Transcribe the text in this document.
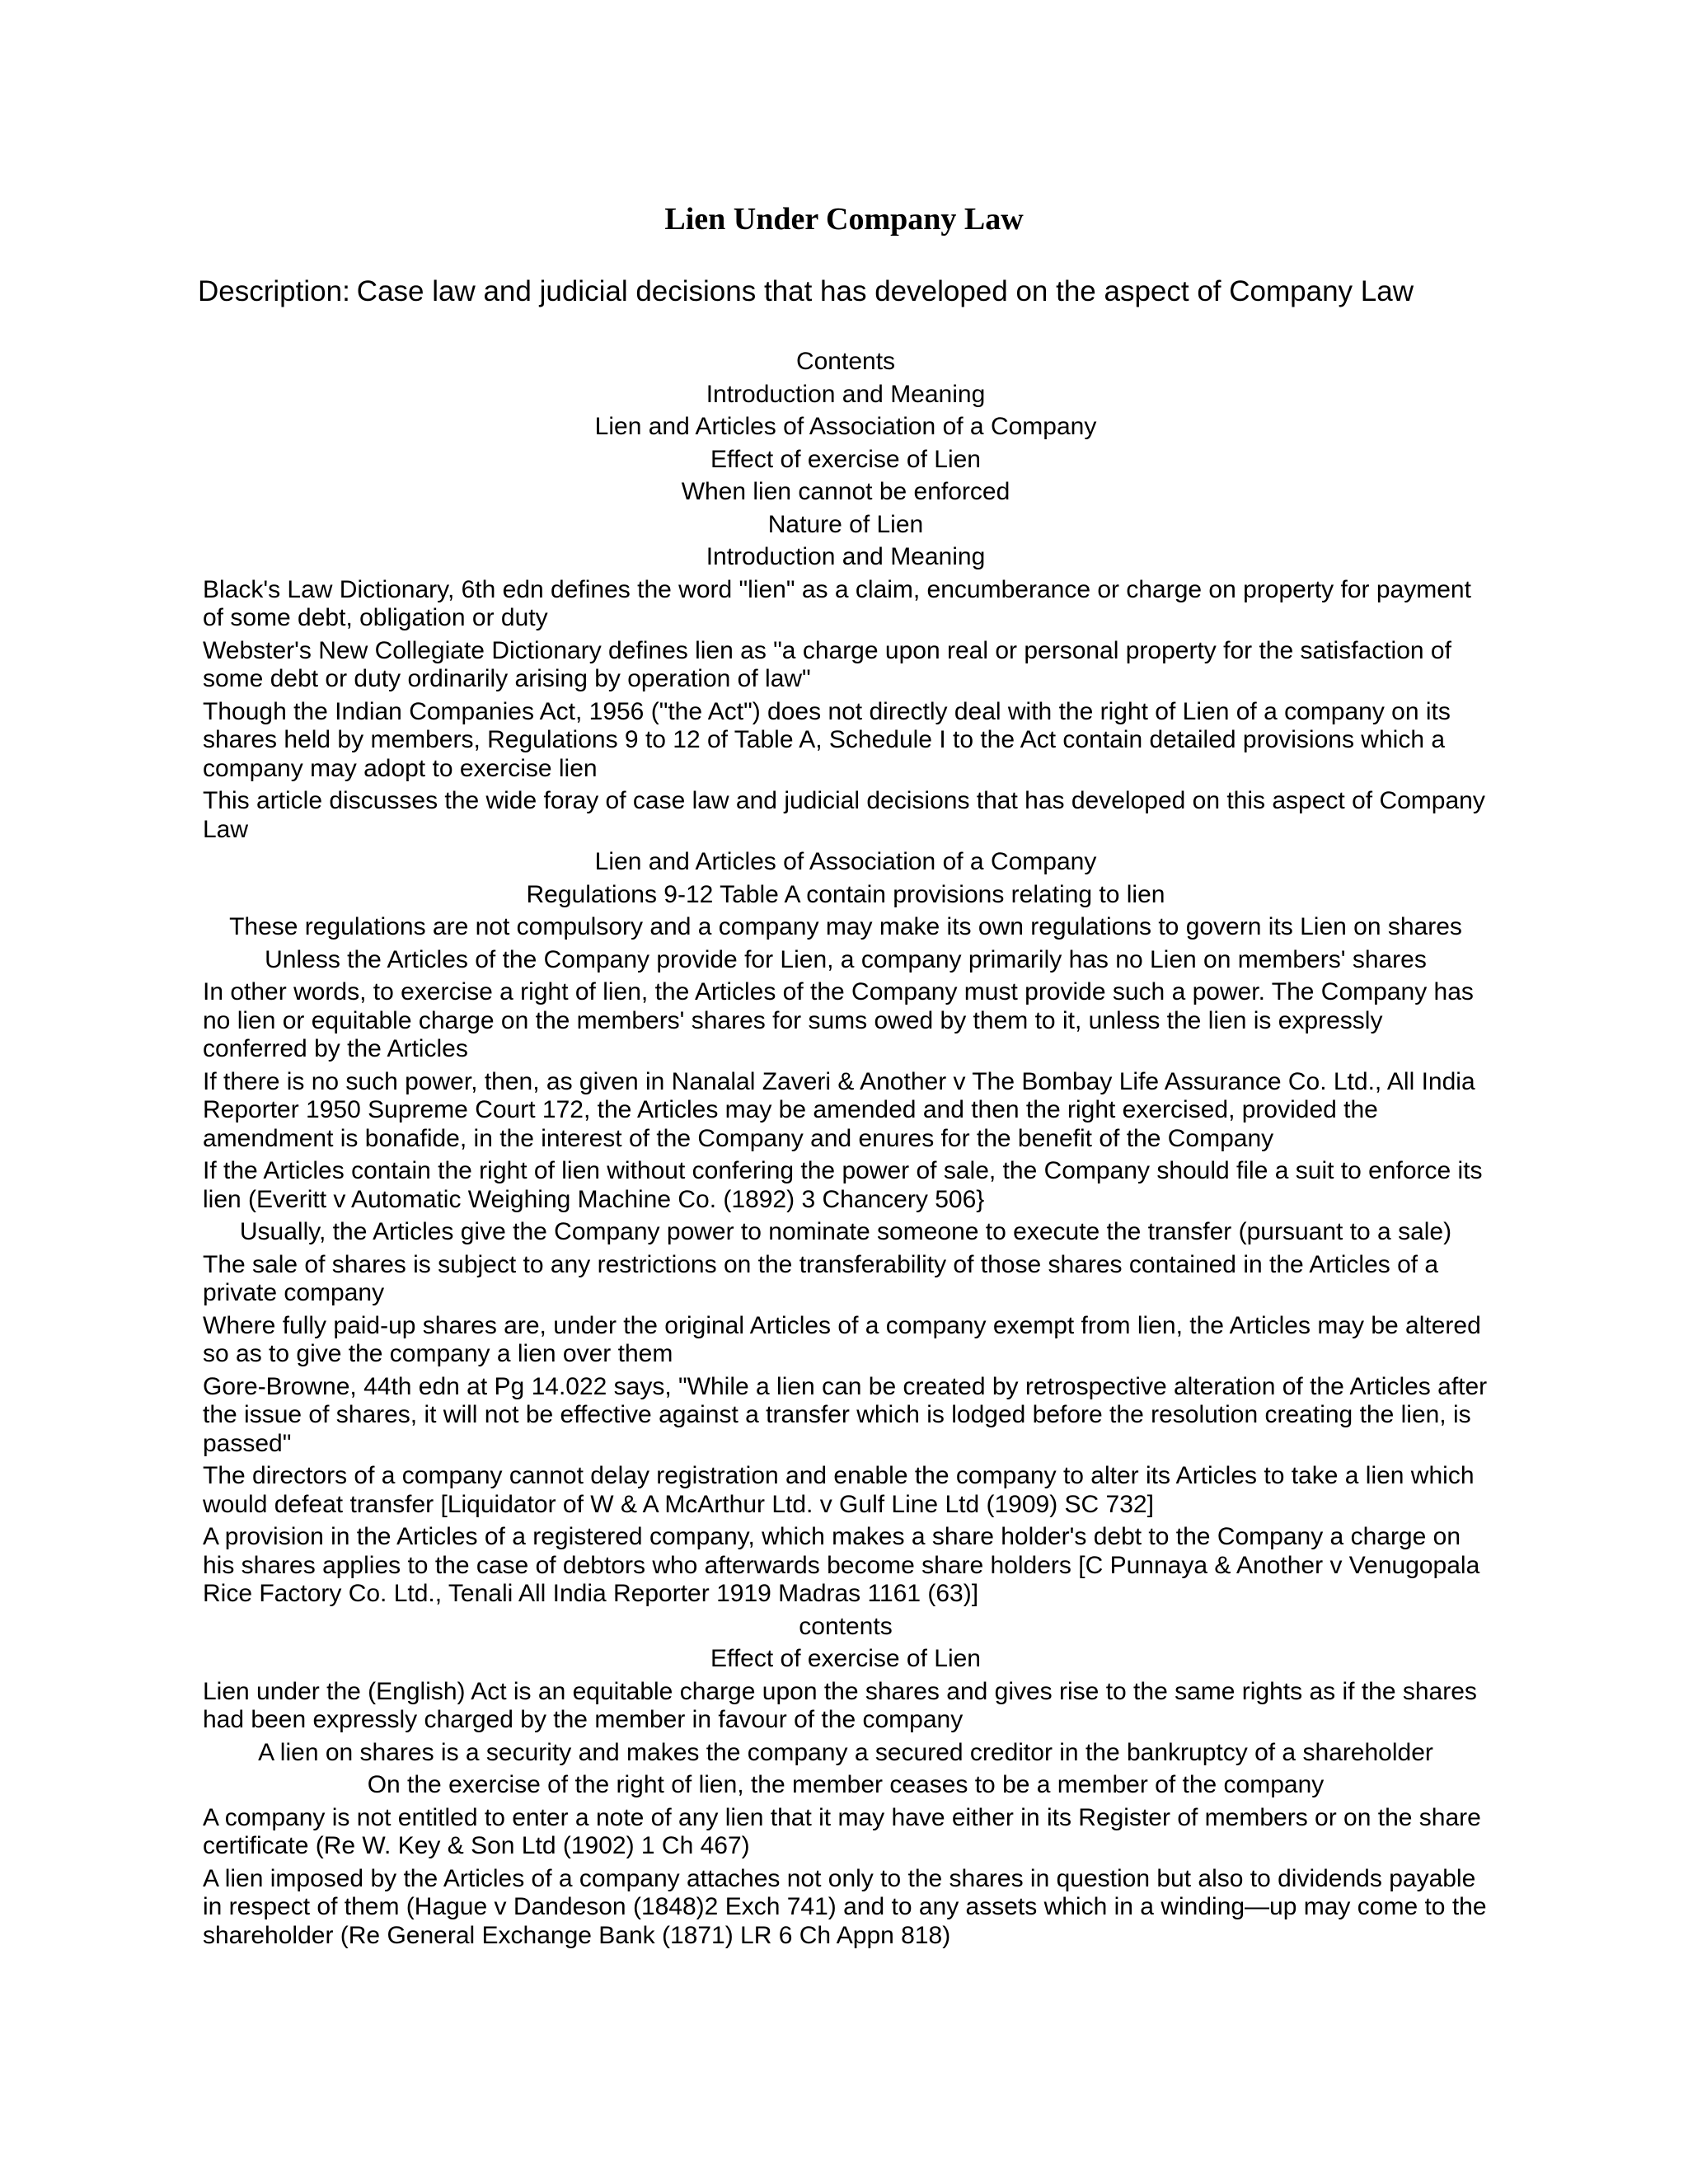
Lien Under Company Law
Description: Case law and judicial decisions that has developed on the aspect of Company Law
Contents
Introduction and Meaning
Lien and Articles of Association of a Company
Effect of exercise of Lien
When lien cannot be enforced
Nature of Lien
Introduction and Meaning
Black's Law Dictionary, 6th edn defines the word "lien" as a claim, encumberance or charge on property for payment of some debt, obligation or duty
Webster's New Collegiate Dictionary defines lien as "a charge upon real or personal property for the satisfaction of some debt or duty ordinarily arising by operation of law"
Though the Indian Companies Act, 1956 ("the Act") does not directly deal with the right of Lien of a company on its shares held by members, Regulations 9 to 12 of Table A, Schedule I to the Act contain detailed provisions which a company may adopt to exercise lien
This article discusses the wide foray of case law and judicial decisions that has developed on this aspect of Company Law
Lien and Articles of Association of a Company
Regulations 9-12 Table A contain provisions relating to lien
These regulations are not compulsory and a company may make its own regulations to govern its Lien on shares
Unless the Articles of the Company provide for Lien, a company primarily has no Lien on members' shares
In other words, to exercise a right of lien, the Articles of the Company must provide such a power. The Company has no lien or equitable charge on the members' shares for sums owed by them to it, unless the lien is expressly conferred by the Articles
If there is no such power, then, as given in Nanalal Zaveri & Another v The Bombay Life Assurance Co. Ltd., All India Reporter 1950 Supreme Court 172, the Articles may be amended and then the right exercised, provided the amendment is bonafide, in the interest of the Company and enures for the benefit of the Company
If the Articles contain the right of lien without confering the power of sale, the Company should file a suit to enforce its lien (Everitt v Automatic Weighing Machine Co. (1892) 3 Chancery 506}
Usually, the Articles give the Company power to nominate someone to execute the transfer (pursuant to a sale)
The sale of shares is subject to any restrictions on the transferability of those shares contained in the Articles of a private company
Where fully paid-up shares are, under the original Articles of a company exempt from lien, the Articles may be altered so as to give the company a lien over them
Gore-Browne, 44th edn at Pg 14.022 says, "While a lien can be created by retrospective alteration of the Articles after the issue of shares, it will not be effective against a transfer which is lodged before the resolution creating the lien, is passed"
The directors of a company cannot delay registration and enable the company to alter its Articles to take a lien which would defeat transfer [Liquidator of W & A McArthur Ltd. v Gulf Line Ltd (1909) SC 732]
A provision in the Articles of a registered company, which makes a share holder's debt to the Company a charge on his shares applies to the case of debtors who afterwards become share holders [C Punnaya & Another v Venugopala Rice Factory Co. Ltd., Tenali All India Reporter 1919 Madras 1161 (63)]
contents
Effect of exercise of Lien
Lien under the (English) Act is an equitable charge upon the shares and gives rise to the same rights as if the shares had been expressly charged by the member in favour of the company
A lien on shares is a security and makes the company a secured creditor in the bankruptcy of a shareholder
On the exercise of the right of lien, the member ceases to be a member of the company
A company is not entitled to enter a note of any lien that it may have either in its Register of members or on the share certificate (Re W. Key & Son Ltd (1902) 1 Ch 467)
A lien imposed by the Articles of a company attaches not only to the shares in question but also to dividends payable in respect of them (Hague v Dandeson (1848)2 Exch 741) and to any assets which in a winding—up may come to the shareholder (Re General Exchange Bank (1871) LR 6 Ch Appn 818)
